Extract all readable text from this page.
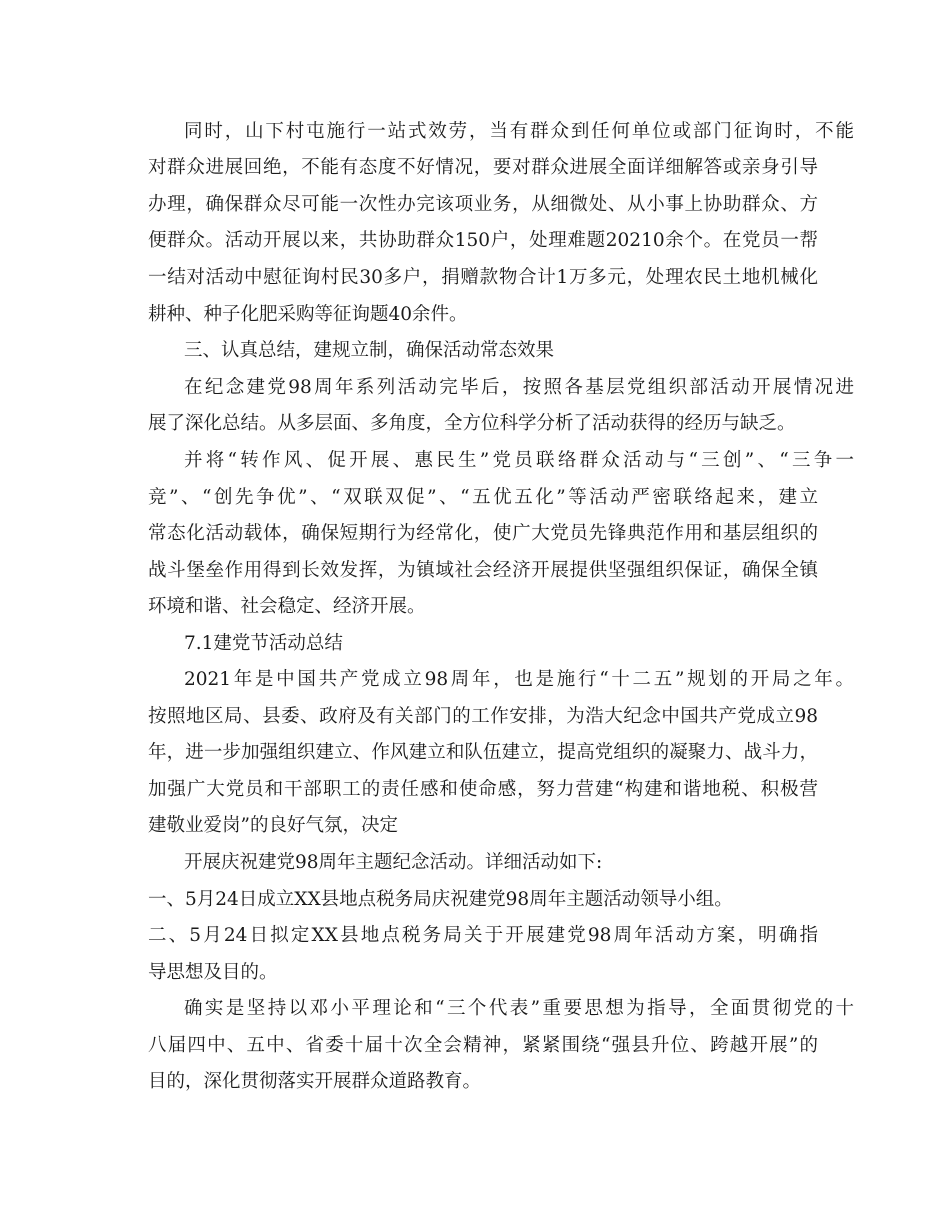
同时，山下村屯施行一站式效劳，当有群众到任何单位或部门征询时，不能
对群众进展回绝，不能有态度不好情况，要对群众进展全面详细解答或亲身引导
办理，确保群众尽可能一次性办完该项业务，从细微处、从小事上协助群众、方
便群众。活动开展以来，共协助群众150户，处理难题20210余个。在党员一帮
一结对活动中慰征询村民30多户，捐赠款物合计1万多元，处理农民土地机械化
耕种、种子化肥采购等征询题40余件。
三、认真总结，建规立制，确保活动常态效果
在纪念建党98周年系列活动完毕后，按照各基层党组织部活动开展情况进
展了深化总结。从多层面、多角度，全方位科学分析了活动获得的经历与缺乏。
并将“转作风、促开展、惠民生”党员联络群众活动与“三创”、“三争一
竞”、“创先争优”、“双联双促”、“五优五化”等活动严密联络起来，建立
常态化活动载体，确保短期行为经常化，使广大党员先锋典范作用和基层组织的
战斗堡垒作用得到长效发挥，为镇域社会经济开展提供坚强组织保证，确保全镇
环境和谐、社会稳定、经济开展。
7.1建党节活动总结
2021年是中国共产党成立98周年，也是施行“十二五”规划的开局之年。
按照地区局、县委、政府及有关部门的工作安排，为浩大纪念中国共产党成立98
年，进一步加强组织建立、作风建立和队伍建立，提高党组织的凝聚力、战斗力，
加强广大党员和干部职工的责任感和使命感，努力营建“构建和谐地税、积极营
建敬业爱岗”的良好气氛，决定
开展庆祝建党98周年主题纪念活动。详细活动如下:
一、5月24日成立XX县地点税务局庆祝建党98周年主题活动领导小组。
二、5月24日拟定XX县地点税务局关于开展建党98周年活动方案，明确指
导思想及目的。
确实是坚持以邓小平理论和“三个代表”重要思想为指导，全面贯彻党的十
八届四中、五中、省委十届十次全会精神，紧紧围绕“强县升位、跨越开展”的
目的，深化贯彻落实开展群众道路教育。
